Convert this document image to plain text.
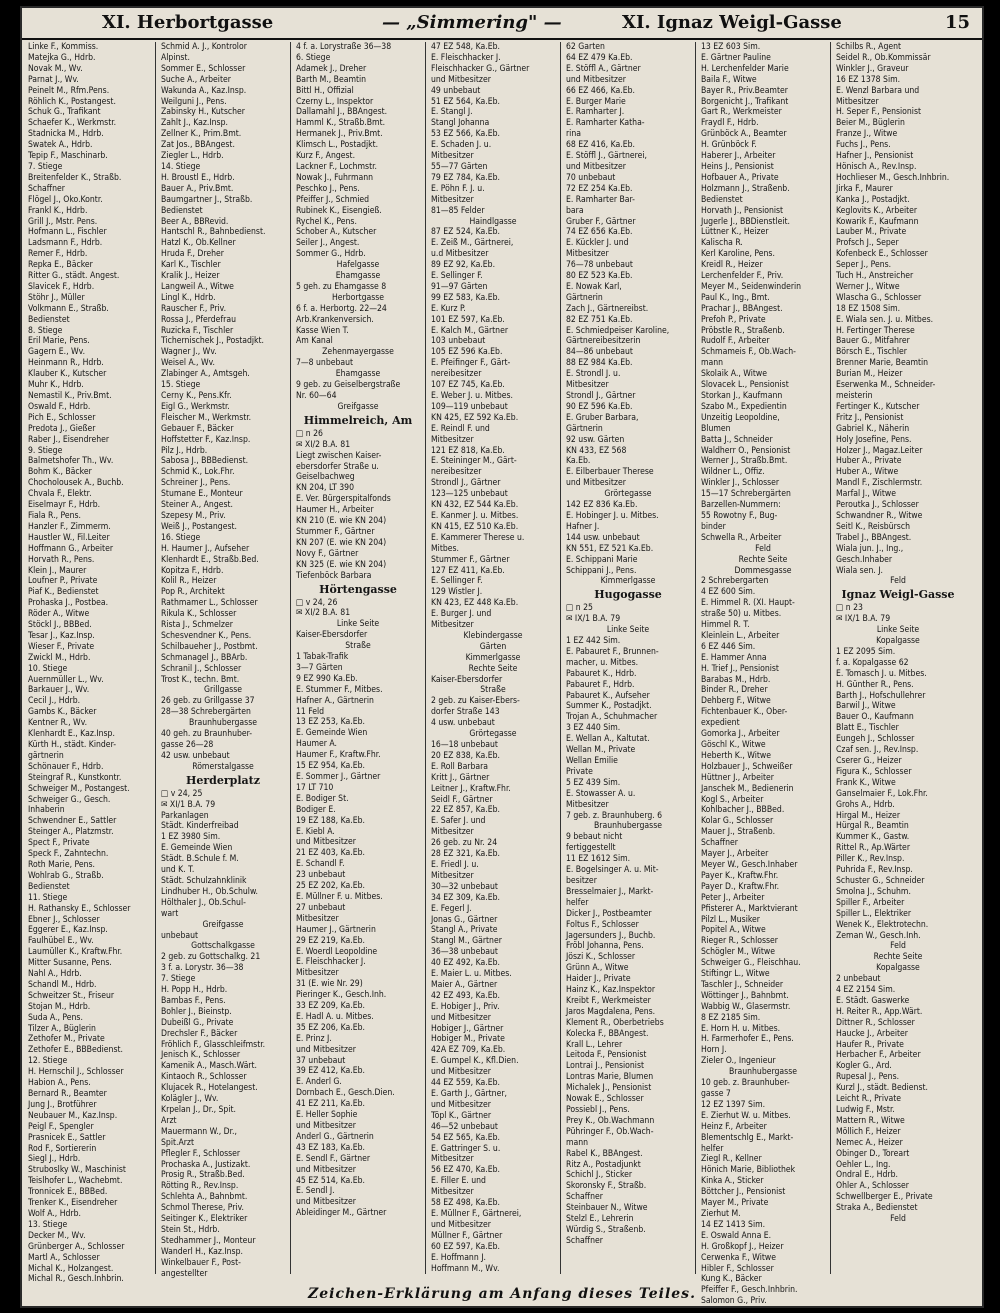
XI. Herbortgasse	— „Simmering" —	XI. Ignaz Weigl-Gasse	15
Linke F., Kommiss.
Matejka G., Hdrb.
Novak M., Wv.
Parnat J., Wv.
Peinelt M., Rfm.Pens.
Röhlich K., Postangest.
Schuk G., Trafikant
Schaefer K., Werkmstr.
Stadnicka M., Hdrb.
Swatek A., Hdrb.
Tepip F., Maschinarb.
7. Stiege
Breitenfelder K., Straßb.
Schaffner
Flögel J., Oko.Kontr.
Frankl K., Hdrb.
Grill J., Mstr. Pens.
Hofmann L., Fischler
Ladsmann F., Hdrb.
Remer F., Hdrb.
Repka E., Bäcker
Ritter G., städt. Angest.
Slavicek F., Hdrb.
Stöhr J., Müller
Volkmann E., Straßb.
Bedienstet
8. Stiege
Eril Marie, Pens.
Gagern E., Wv.
Heinmann R., Hdrb.
Klauber K., Kutscher
Muhr K., Hdrb.
Nemastil K., Priv.Bmt.
Oswald F., Hdrb.
Pich E., Schlosser
Predota J., Gießer
Raber J., Eisendreher
9. Stiege
Balmetshofer Th., Wv.
Bohm K., Bäcker
Chocholousek A., Buchb.
Chvala F., Elektr.
Eiselmayr F., Hdrb.
Fiala R., Pens.
Hanzler F., Zimmerm.
Haustler W., Fil.Leiter
Hoffmann G., Arbeiter
Horvath R., Pens.
Klein J., Maurer
Loufner P., Private
Piaf K., Bedienstet
Prohaska J., Postbea.
Röder A., Witwe
Stöckl J., BBBed.
Tesar J., Kaz.Insp.
Wieser F., Private
Zwickl M., Hdrb.
10. Stiege
Auernmüller L., Wv.
Barkauer J., Wv.
Cecil J., Hdrb.
Gambs K., Bäcker
Kentner R., Wv.
Klenhardt E., Kaz.Insp.
Kürth H., städt. Kinder-
gärtnerin
Schönauer F., Hdrb.
Steingraf R., Kunstkontr.
Schweiger M., Postangest.
Schweiger G., Gesch.
Inhaberin
Schwendner E., Sattler
Steinger A., Platzmstr.
Spect F., Private
Speck F., Zahntechn.
Roth Marie, Pens.
Wohlrab G., Straßb.
Bedienstet
11. Stiege
H. Rathansky E., Schlosser
Ebner J., Schlosser
Eggerer E., Kaz.Insp.
Faulhübel E., Wv.
Laumüller K., Kraftw.Fhr.
Mitter Susanne, Pens.
Nahl A., Hdrb.
Schandl M., Hdrb.
Schweitzer St., Friseur
Stojan M., Hdrb.
Suda A., Pens.
Tilzer A., Büglerin
Zethofer M., Private
Zethofer E., BBBedienst.
12. Stiege
H. Hernschil J., Schlosser
Habion A., Pens.
Bernard R., Beamter
Jung J., Brotführer
Neubauer M., Kaz.Insp.
Peigl F., Spengler
Prasnicek E., Sattler
Rod F., Sortiererin
Siegl J., Hdrb.
Struboslky W., Maschinist
Teislhofer L., Wachebmt.
Tronnicek E., BBBed.
Trenker K., Eisendreher
Wolf A., Hdrb.
13. Stiege
Decker M., Wv.
Grünberger A., Schlosser
Martl A., Schlosser
Michal K., Holzangest.
Michal R., Gesch.Inhbrin.
Schmid A. J., Kontrolor
Alpinst.
Sommer E., Schlosser
Suche A., Arbeiter
Wakunda A., Kaz.Insp.
Weilguni J., Pens.
Zabinsky H., Kutscher
Zahlt J., Kaz.Insp.
Zellner K., Prim.Bmt.
Zat Jos., BBAngest.
Ziegler L., Hdrb.
14. Stiege
H. Broustl E., Hdrb.
Bauer A., Priv.Bmt.
Baumgartner J., Straßb.
Bedienstet
Beer A., BBRevid.
Hantschl R., Bahnbedienst.
Hatzl K., Ob.Kellner
Hruda F., Dreher
Karl K., Tischler
Kralik J., Heizer
Langweil A., Witwe
Lingl K., Hdrb.
Rauscher F., Priv.
Rossa J., Pferdefrau
Ruzicka F., Tischler
Tichernischek J., Postadjkt.
Wagner J., Wv.
Weisel A., Wv.
Zlabinger A., Amtsgeh.
15. Stiege
Cerny K., Pens.Kfr.
Eigl G., Werkmstr.
Fleischer M., Werkmstr.
Gebauer F., Bäcker
Hoffstetter F., Kaz.Insp.
Pilz J., Hdrb.
Sabosa J., BBBedienst.
Schmid K., Lok.Fhr.
Schreiner J., Pens.
Stumane E., Monteur
Steiner A., Angest.
Szepesy M., Priv.
Weiß J., Postangest.
16. Stiege
H. Haumer J., Aufseher
Klenhardt E., Straßb.Bed.
Kopitza F., Hdrb.
Kolil R., Heizer
Pop R., Architekt
Rathmamer L., Schlosser
Rikula K., Schlosser
Rista J., Schmelzer
Schesvendner K., Pens.
Schilbaueher J., Postbmt.
Schmanagel J., BBArb.
Schranil J., Schlosser
Trost K., techn. Bmt.
Grillgasse
26 geb. zu Grillgasse 37
28—38 Schrebergärten
Braunhubergasse
40 geh. zu Braunhuber-
gasse 26—28
42 usw. unbebaut
Römerstalgasse
Herderplatz
□ v 24, 25
✉ XI/1 B.A. 79
Parkanlagen
Städt. Kinderfreibad
1 EZ 3980 Sim.
E. Gemeinde Wien
Städt. B.Schule f. M.
und K. T.
Städt. Schulzahnklinik
Lindhuber H., Ob.Schulw.
Hölthaler J., Ob.Schul-
wart
Greifgasse
unbebaut
Gottschalkgasse
2 geb. zu Gottschalkg. 21
3 f. a. Lorystr. 36—38
7. Stiege
H. Popp H., Hdrb.
Bambas F., Pens.
Bohler J., Bieinstp.
Dubeißl G., Private
Drechsler F., Bäcker
Fröhlich F., Glasschleifmstr.
Jenisch K., Schlosser
Kamenik A., Masch.Wärt.
Kintaoch R., Schlosser
Klujacek R., Hotelangest.
Kolägler J., Wv.
Krpelan J., Dr., Spit.
Arzt
Mauermann W., Dr.,
Spit.Arzt
Pflegler F., Schlosser
Prochaska A., Justizakt.
Prosig R., Straßb.Bed.
Rötting R., Rev.Insp.
Schlehta A., Bahnbmt.
Schmol Therese, Priv.
Seitinger K., Elektriker
Stein St., Hdrb.
Stedhammer J., Monteur
Wanderl H., Kaz.Insp.
Winkelbauer F., Post-
angestellter
4 f. a. Lorystraße 36—38
6. Stiege
Adamek J., Dreher
Barth M., Beamtin
Bittl H., Offizial
Czerny L., Inspektor
Dallamahl J., BBAngest.
Hamml K., Straßb.Bmt.
Hermanek J., Priv.Bmt.
Klimsch L., Postadjkt.
Kurz F., Angest.
Lackner F., Lochmstr.
Nowak J., Fuhrmann
Peschko J., Pens.
Pfeiffer J., Schmied
Rubinek K., Eisengieß.
Rychel K., Pens.
Schober A., Kutscher
Seiler J., Angest.
Sommer G., Hdrb.
Hafelgasse
Ehamgasse
5 geh. zu Ehamgasse 8
Herbortgasse
6 f. a. Herbortg. 22—24
Arb.Krankenversich.
Kasse Wien T.
Am Kanal
Zehenmayergasse
7—8 unbebaut
Ehamgasse
9 geb. zu Geiselbergstraße
Nr. 60—64
Greifgasse
Himmelreich, Am
□ n 26
✉ XI/2 B.A. 81
Liegt zwischen Kaiser-
ebersdorfer Straße u.
Geiselbachweg
KN 204, LT 390
E. Ver. Bürgerspitalfonds
Haumer H., Arbeiter
KN 210 (E. wie KN 204)
Stummer F., Gärtner
KN 207 (E. wie KN 204)
Novy F., Gärtner
KN 325 (E. wie KN 204)
Tiefenböck Barbara
Hörtengasse
□ v 24, 26
✉ XI/2 B.A. 81
Linke Seite
Kaiser-Ebersdorfer
Straße
1 Tabak-Trafik
3—7 Gärten
9 EZ 990 Ka.Eb.
E. Stummer F., Mitbes.
Hafner A., Gärtnerin
11 Feld
13 EZ 253, Ka.Eb.
E. Gemeinde Wien
Haumer A.
Haumer F., Kraftw.Fhr.
15 EZ 954, Ka.Eb.
E. Sommer J., Gärtner
17 LT 710
E. Bodiger St.
Bodiger E.
19 EZ 188, Ka.Eb.
E. Kiebl A.
und Mitbesitzer
21 EZ 403, Ka.Eb.
E. Schandl F.
23 unbebaut
25 EZ 202, Ka.Eb.
E. Müllner F. u. Mitbes.
27 unbebaut
Mitbesitzer
Haumer J., Gärtnerin
29 EZ 219, Ka.Eb.
E. Woerdl Leopoldine
E. Fleischhacker J.
Mitbesitzer
31 (E. wie Nr. 29)
Pieringer K., Gesch.Inh.
33 EZ 209, Ka.Eb.
E. Hadl A. u. Mitbes.
35 EZ 206, Ka.Eb.
E. Prinz J.
und Mitbesitzer
37 unbebaut
39 EZ 412, Ka.Eb.
E. Anderl G.
Dornbach E., Gesch.Dien.
41 EZ 211, Ka.Eb.
E. Heller Sophie
und Mitbesitzer
Anderl G., Gärtnerin
43 EZ 183, Ka.Eb.
E. Sendl F., Gärtner
und Mitbesitzer
45 EZ 514, Ka.Eb.
E. Sendl J.
und Mitbesitzer
Ableidinger M., Gärtner
47 EZ 548, Ka.Eb.
E. Fleischhacker J.
Fleischhacker G., Gärtner
und Mitbesitzer
49 unbebaut
51 EZ 564, Ka.Eb.
E. Stangl J.
Stangl Johanna
53 EZ 566, Ka.Eb.
E. Schaden J. u.
Mitbesitzer
55—77 Gärten
79 EZ 784, Ka.Eb.
E. Pöhn F. J. u.
Mitbesitzer
81—85 Felder
Haindlgasse
87 EZ 524, Ka.Eb.
E. Zeiß M., Gärtnerei,
u.d Mitbesitzer
89 EZ 92, Ka.Eb.
E. Sellinger F.
91—97 Gärten
99 EZ 583, Ka.Eb.
E. Kurz P.
101 EZ 597, Ka.Eb.
E. Kalch M., Gärtner
103 unbebaut
105 EZ 596 Ka.Eb.
E. Pfeifinger F., Gärt-
nereibesitzer
107 EZ 745, Ka.Eb.
E. Weber J. u. Mitbes.
109—119 unbebaut
KN 425, EZ 592 Ka.Eb.
E. Reindl F. und
Mitbesitzer
121 EZ 818, Ka.Eb.
E. Steininger M., Gärt-
nereibesitzer
Strondl J., Gärtner
123—125 unbebaut
KN 432, EZ 544 Ka.Eb.
E. Kanmer J. u. Mitbes.
KN 415, EZ 510 Ka.Eb.
E. Kammerer Therese u.
Mitbes.
Stummer F., Gärtner
127 EZ 411, Ka.Eb.
E. Sellinger F.
129 Wistler J.
KN 423, EZ 448 Ka.Eb.
E. Burger J. und
Mitbesitzer
Klebindergasse
Gärten
Kimmerlgasse
Rechte Seite
Kaiser-Ebersdorfer
Straße
2 geb. zu Kaiser-Ebers-
dorfer Straße 143
4 usw. unbebaut
Grörtegasse
16—18 unbebaut
20 EZ 838, Ka.Eb.
E. Roll Barbara
Kritt J., Gärtner
Leitner J., Kraftw.Fhr.
Seidl F., Gärtner
22 EZ 857, Ka.Eb.
E. Safer J. und
Mitbesitzer
26 geb. zu Nr. 24
28 EZ 321, Ka.Eb.
E. Friedl J. u.
Mitbesitzer
30—32 unbebaut
34 EZ 309, Ka.Eb.
E. Fegerl J.
Jonas G., Gärtner
Stangl A., Private
Stangl M., Gärtner
36—38 unbebaut
40 EZ 492, Ka.Eb.
E. Maier L. u. Mitbes.
Maier A., Gärtner
42 EZ 493, Ka.Eb.
E. Hobiger J., Priv.
und Mitbesitzer
Hobiger J., Gärtner
Hobiger M., Private
42A EZ 709, Ka.Eb.
E. Gumpel K., Kfl.Dien.
und Mitbesitzer
44 EZ 559, Ka.Eb.
E. Garth J., Gärtner,
und Mitbesitzer
Töpl K., Gärtner
46—52 unbebaut
54 EZ 565, Ka.Eb.
E. Gattringer S. u.
Mitbesitzer
56 EZ 470, Ka.Eb.
E. Filler E. und
Mitbesitzer
58 EZ 498, Ka.Eb.
E. Müllner F., Gärtnerei,
und Mitbesitzer
Müllner F., Gärtner
60 EZ 597, Ka.Eb.
E. Hoffmann J.
Hoffmann M., Wv.
62 Garten
64 EZ 479 Ka.Eb.
E. Stöffl A., Gärtner
und Mitbesitzer
66 EZ 466, Ka.Eb.
E. Burger Marie
E. Ramharter J.
E. Ramharter Katha-
rina
68 EZ 416, Ka.Eb.
E. Stöffl J., Gärtnerei,
und Mitbesitzer
70 unbebaut
72 EZ 254 Ka.Eb.
E. Ramharter Bar-
bara
Gruber F., Gärtner
74 EZ 656 Ka.Eb.
E. Kückler J. und
Mitbesitzer
76—78 unbebaut
80 EZ 523 Ka.Eb.
E. Nowak Karl,
Gärtnerin
Zach J., Gärtnereibst.
82 EZ 751 Ka.Eb.
E. Schmiedpeiser Karoline,
Gärtnereibesitzerin
84—86 unbebaut
88 EZ 984 Ka.Eb.
E. Strondl J. u.
Mitbesitzer
Strondl J., Gärtner
90 EZ 596 Ka.Eb.
E. Gruber Barbara,
Gärtnerin
92 usw. Gärten
KN 433, EZ 568
Ka.Eb.
E. Eilberbauer Therese
und Mitbesitzer
Grörtegasse
142 EZ 836 Ka.Eb.
E. Hobinger J. u. Mitbes.
Hafner J.
144 usw. unbebaut
KN 551, EZ 521 Ka.Eb.
E. Schippani Marie
Schippani J., Pens.
Kimmerlgasse
Hugogasse
□ n 25
✉ IX/1 B.A. 79
Linke Seite
1 EZ 442 Sim.
E. Pabauret F., Brunnen-
macher, u. Mitbes.
Pabauret K., Hdrb.
Pabauret F., Hdrb.
Pabauret K., Aufseher
Summer K., Postadjkt.
Trojan A., Schuhmacher
3 EZ 440 Sim.
E. Wellan A., Kaltutat.
Wellan M., Private
Wellan Emilie
Private
5 EZ 439 Sim.
E. Stowasser A. u.
Mitbesitzer
7 geb. z. Braunhuberg. 6
Braunhubergasse
9 bebaut nicht
fertiggestellt
11 EZ 1612 Sim.
E. Bogelsinger A. u. Mit-
besitzer
Bresselmaier J., Markt-
helfer
Dicker J., Postbeamter
Foltus F., Schlosser
Jagersunders J., Buchb.
Fröbl Johanna, Pens.
Jöszi K., Schlosser
Grünn A., Witwe
Haider J., Private
Hainz K., Kaz.Inspektor
Kreibt F., Werkmeister
Jaros Magdalena, Pens.
Klement R., Oberbetriebs
Kolecka F., BBAngest.
Krall L., Lehrer
Leitoda F., Pensionist
Lontrai J., Pensionist
Lontras Marie, Blumen
Michalek J., Pensionist
Nowak E., Schlosser
Possiebl J., Pens.
Prey K., Ob.Wachmann
Pühringer F., Ob.Wach-
mann
Rabel K., BBAngest.
Ritz A., Postadjunkt
Schichl J., Sticker
Skoronsky F., Straßb.
Schaffner
Steinbauer N., Witwe
Stelzl E., Lehrerin
Würdig S., Straßenb.
Schaffner
13 EZ 603 Sim.
E. Gärtner Pauline
H. Lerchenfelder Marie
Baila F., Witwe
Bayer R., Priv.Beamter
Borgenicht J., Trafikant
Gart R., Werkmeister
Fraydl F., Hdrb.
Grünböck A., Beamter
H. Grünböck F.
Haberer J., Arbeiter
Heins J., Pensionist
Hofbauer A., Private
Holzmann J., Straßenb.
Bedienstet
Horvath J., Pensionist
Jugerle J., BBDienstleit.
Lüttner K., Heizer
Kalischa R.
Kerl Karoline, Pens.
Kreidl R., Heizer
Lerchenfelder F., Priv.
Meyer M., Seidenwinderin
Paul K., Ing., Bmt.
Prachar J., BBAngest.
Prefoh P., Private
Pröbstle R., Straßenb.
Rudolf F., Arbeiter
Schmameis F., Ob.Wach-
mann
Skolaik A., Witwe
Slovacek L., Pensionist
Storkan J., Kaufmann
Szabo M., Expedientin
Unzeitig Leopoldine,
Blumen
Batta J., Schneider
Waldherr O., Pensionist
Werner J., Straßb.Bmt.
Wildner L., Offiz.
Winkler J., Schlosser
15—17 Schrebergärten
Barzellen-Nummern:
55 Rowotny F., Bug-
binder
Schwella R., Arbeiter
Feld
Rechte Seite
Dommesgasse
2 Schrebergarten
4 EZ 600 Sim.
E. Himmel R. (XI. Haupt-
straße 50) u. Mitbes.
Himmel R. T.
Kleinlein L., Arbeiter
6 EZ 446 Sim.
E. Hammer Anna
H. Trief J., Pensionist
Barabas M., Hdrb.
Binder R., Dreher
Dehberg F., Witwe
Fichtenbauer K., Ober-
expedient
Gomorka J., Arbeiter
Göschl K., Witwe
Heberth K., Witwe
Holzbauer J., Schweißer
Hüttner J., Arbeiter
Janschek M., Bedienerin
Kogl S., Arbeiter
Kohlbacher J., BBBed.
Kolar G., Schlosser
Mauer J., Straßenb.
Schaffner
Mayer J., Arbeiter
Meyer W., Gesch.Inhaber
Payer K., Kraftw.Fhr.
Payer D., Kraftw.Fhr.
Peter J., Arbeiter
Pfisterer A., Marktvierant
Pilzl L., Musiker
Popitel A., Witwe
Rieger R., Schlosser
Schögler M., Witwe
Schweiger G., Fleischhau.
Stiftingr L., Witwe
Taschler J., Schneider
Wöttinger J., Bahnbmt.
Wabbig W., Glasermstr.
8 EZ 2185 Sim.
E. Horn H. u. Mitbes.
H. Farmerhofer E., Pens.
Horn J.
Zieler O., Ingenieur
Braunhubergasse
10 geb. z. Braunhuber-
gasse 7
12 EZ 1397 Sim.
E. Zierhut W. u. Mitbes.
Heinz F., Arbeiter
Blementschlg E., Markt-
helfer
Ziegl R., Kellner
Hönich Marie, Bibliothek
Kinka A., Sticker
Böttcher J., Pensionist
Mayer M., Private
Zierhut M.
14 EZ 1413 Sim.
E. Oswald Anna E.
H. Großkopf J., Heizer
Cerwenka F., Witwe
Hibler F., Schlosser
Kung K., Bäcker
Pfeiffer F., Gesch.Inhbrin.
Salomon G., Priv.
Schilbs R., Agent
Seidel R., Ob.Kommissär
Winkler J., Graveur
16 EZ 1378 Sim.
E. Wenzl Barbara und
Mitbesitzer
H. Seper F., Pensionist
Beier M., Büglerin
Franze J., Witwe
Fuchs J., Pens.
Hafner J., Pensionist
Hönisch A., Rev.Insp.
Hochlieser M., Gesch.Inhbrin.
Jirka F., Maurer
Kanka J., Postadjkt.
Keglovits K., Arbeiter
Kowarik F., Kaufmann
Lauber M., Private
Profsch J., Seper
Kofenbeck E., Schlosser
Seper J., Pens.
Tuch H., Anstreicher
Werner J., Witwe
Wlascha G., Schlosser
18 EZ 1508 Sim.
E. Wiala sen. J. u. Mitbes.
H. Fertinger Therese
Bauer G., Mitfahrer
Börsch E., Tischler
Brenner Marie, Beamtin
Burian M., Heizer
Eserwenka M., Schneider-
meisterin
Fertinger K., Kutscher
Fritz J., Pensionist
Gabriel K., Näherin
Holy Josefine, Pens.
Holzer J., Magaz.Leiter
Huber A., Private
Huber A., Witwe
Mandl F., Zischlermstr.
Marfal J., Witwe
Peroutka J., Schlosser
Schwandner R., Witwe
Seitl K., Reisbürsch
Trabel J., BBAngest.
Wiala jun. J., Ing.,
Gesch.Inhaber
Wiala sen. J.
Feld
Ignaz Weigl-Gasse
□ n 23
✉ IX/1 B.A. 79
Linke Seite
Kopalgasse
1 EZ 2095 Sim.
f. a. Kopalgasse 62
E. Tomasch J. u. Mitbes.
H. Günther R., Pens.
Barth J., Hofschullehrer
Barwil J., Witwe
Bauer O., Kaufmann
Blatt E., Tischler
Eungeh J., Schlosser
Czaf sen. J., Rev.Insp.
Cserer G., Heizer
Figura K., Schlosser
Frank K., Witwe
Ganselmaier F., Lok.Fhr.
Grohs A., Hdrb.
Hirgal M., Heizer
Hürgal R., Beamtin
Kummer K., Gastw.
Rittel R., Ap.Wärter
Piller K., Rev.Insp.
Puhrida F., Rev.Insp.
Schuster G., Schneider
Smolna J., Schuhm.
Spiller F., Arbeiter
Spiller L., Elektriker
Wenek K., Elektrotechn.
Zeman W., Gesch.Inh.
Feld
Rechte Seite
Kopalgasse
2 unbebaut
4 EZ 2154 Sim.
E. Städt. Gaswerke
H. Reiter R., App.Wärt.
Dittner R., Schlosser
Haucke J., Arbeiter
Haufer R., Private
Herbacher F., Arbeiter
Kogler G., Ard.
Rupesal J., Pens.
Kurzl J., städt. Bedienst.
Leicht R., Private
Ludwig F., Mstr.
Mattern R., Witwe
Möllich F., Heizer
Nemec A., Heizer
Obinger D., Toreart
Oehler L., Ing.
Ondral E., Hdrb.
Ohler A., Schlosser
Schwellberger E., Private
Straka A., Bedienstet
Feld
Zeichen-Erklärung am Anfang dieses Teiles.
